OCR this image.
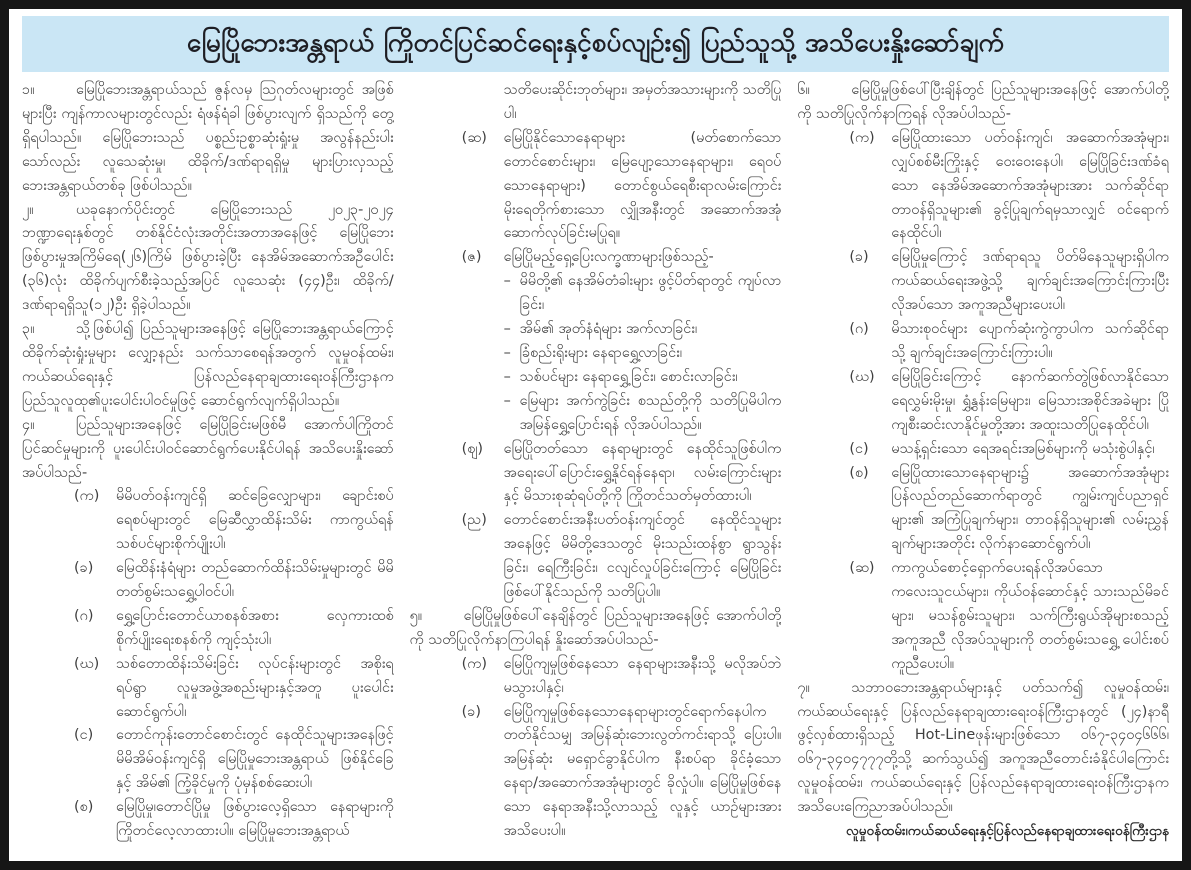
မြေပြိုဘေးအန္တရာယ် ကြိုတင်ပြင်ဆင်ရေးနှင့်စပ်လျဉ်း၍ ပြည်သူသို့ အသိပေးနှိုးဆော်ချက်
၁။	မြေပြိုဘေးအန္တရာယ်သည် ဇွန်လမှ သြဂုတ်လများတွင် အဖြစ်များပြီး ကျန်ကာလများတွင်လည်း ရံဖန်ရံခါ ဖြစ်ပွားလျက် ရှိသည်ကို တွေ့ရှိရပါသည်။ မြေပြိုဘေးသည် ပစ္စည်းဥစ္စာဆုံးရှုံးမှု အလွန်နည်းပါးသော်လည်း လူသေဆုံးမှု၊ ထိခိုက်/ဒဏ်ရာရရှိမှု များပြားလှသည့် ဘေးအန္တရာယ်တစ်ခု ဖြစ်ပါသည်။
၂။	ယခုနောက်ပိုင်းတွင် မြေပြိုဘေးသည် ၂၀၂၃-၂၀၂၄ ဘဏ္ဍာရေးနှစ်တွင် တစ်နိုင်ငံလုံးအတိုင်းအတာအနေဖြင့် မြေပြိုဘေးဖြစ်ပွားမှုအကြိမ်ရေ(၂၆)ကြိမ် ဖြစ်ပွားခဲ့ပြီး နေအိမ်အဆောက်အဦပေါင်း (၃၆)လုံး ထိခိုက်ပျက်စီးခဲ့သည့်အပြင် လူသေဆုံး (၄၄)ဦး၊ ထိခိုက်/ဒဏ်ရာရရှိသူ(၁၂)ဦး ရှိခဲ့ပါသည်။
၃။	သို့ဖြစ်ပါ၍ ပြည်သူများအနေဖြင့် မြေပြိုဘေးအန္တရာယ်ကြောင့် ထိခိုက်ဆုံးရှုံးမှုများ လျှော့နည်း သက်သာစေရန်အတွက် လူမှုဝန်ထမ်း၊ ကယ်ဆယ်ရေးနှင့် ပြန်လည်နေရာချထားရေးဝန်ကြီးဌာနက ပြည်သူလူထု၏ပူးပေါင်းပါဝင်မှုဖြင့် ဆောင်ရွက်လျက်ရှိပါသည်။
၄။	ပြည်သူများအနေဖြင့် မြေပြိုခြင်းမဖြစ်မီ အောက်ပါကြိုတင်ပြင်ဆင်မှုများကို ပူးပေါင်းပါဝင်ဆောင်ရွက်ပေးနိုင်ပါရန် အသိပေးနှိုးဆော်အပ်ပါသည်-
(က)	မိမိပတ်ဝန်းကျင်ရှိ ဆင်ခြေလျှောများ၊ ချောင်းစပ် ရေစပ်များတွင် မြေဆီလွှာထိန်းသိမ်း ကာကွယ်ရန် သစ်ပင်များစိုက်ပျိုးပါ၊
(ခ)	မြေထိန်းနံရံများ တည်ဆောက်ထိန်းသိမ်းမှုများတွင် မိမိတတ်စွမ်းသရွှေ့ပါဝင်ပါ၊
(ဂ)	ရွှေ့ပြောင်းတောင်ယာစနစ်အစား လှေကားထစ် စိုက်ပျိုးရေးစနစ်ကို ကျင့်သုံးပါ၊
(ဃ)	သစ်တောထိန်းသိမ်းခြင်း လုပ်ငန်းများတွင် အစိုးရ ရပ်ရွာ လူမှုအဖွဲ့အစည်းများနှင့်အတူ ပူးပေါင်း ဆောင်ရွက်ပါ၊
(င)	တောင်ကုန်းတောင်စောင်းတွင် နေထိုင်သူများအနေဖြင့် မိမိအိမ်ဝန်းကျင်ရှိ မြေပြိုမှုဘေးအန္တရာယ် ဖြစ်နိုင်ခြေနှင့် အိမ်၏ ကြံ့ခိုင်မှုကို ပုံမှန်စစ်ဆေးပါ၊
(စ)	မြေပြိုမှု၊တောင်ပြိုမှု ဖြစ်ပွားလေ့ရှိသော နေရာများကို ကြိုတင်လေ့လာထားပါ။ မြေပြိုမှုဘေးအန္တရာယ်
သတိပေးဆိုင်းဘုတ်များ၊ အမှတ်အသားများကို သတိပြုပါ၊
(ဆ)	မြေပြိုနိုင်သောနေရာများ (မတ်စောက်သော တောင်စောင်းများ၊ မြေပျော့သောနေရာများ၊ ရေဝပ်သောနေရာများ) တောင်စွယ်ရေစီးရာလမ်းကြောင်း မိုးရေတိုက်စားသော လျှိုအနီးတွင် အဆောက်အအုံ ဆောက်လုပ်ခြင်းမပြုရ။
(ဇ)	မြေပြိုမည့်ရှေ့ပြေးလက္ခဏာများဖြစ်သည့်-
– မိမိတို့၏ နေအိမ်တံခါးများ ဖွင့်ပိတ်ရာတွင် ကျပ်လာခြင်း၊
– အိမ်၏ အုတ်နံရံများ အက်လာခြင်း၊
– ခြံစည်းရိုးများ နေရာရွှေ့လာခြင်း၊
– သစ်ပင်များ နေရာရွှေ့ခြင်း၊ စောင်းလာခြင်း၊
– မြေများ အက်ကွဲခြင်း စသည်တို့ကို သတိပြုမိပါက အမြန်ရွှေ့ပြောင်းရန် လိုအပ်ပါသည်။
(ဈ)	မြေပြိုတတ်သော နေရာများတွင် နေထိုင်သူဖြစ်ပါက အရေးပေါ်ပြောင်းရွှေ့နိုင်ရန်နေရာ၊ လမ်းကြောင်းများနှင့် မိသားစုဆုံရပ်တို့ကို ကြိုတင်သတ်မှတ်ထားပါ၊
(ည)	တောင်စောင်းအနီးပတ်ဝန်းကျင်တွင် နေထိုင်သူများအနေဖြင့် မိမိတို့ဒေသတွင် မိုးသည်းထန်စွာ ရွာသွန်းခြင်း၊ ရေကြီးခြင်း၊ ငလျင်လှုပ်ခြင်းကြောင့် မြေပြိုခြင်းဖြစ်ပေါ်နိုင်သည်ကို သတိပြုပါ။
၅။	မြေပြိုမှုဖြစ်ပေါ်နေချိန်တွင် ပြည်သူများအနေဖြင့် အောက်ပါတို့ကို သတိပြုလိုက်နာကြပါရန် နှိုးဆော်အပ်ပါသည်-
(က)	မြေပြိုကျမှုဖြစ်နေသော နေရာများအနီးသို့ မလိုအပ်ဘဲ မသွားပါနှင့်၊
(ခ)	မြေပြိုကျမှုဖြစ်နေသောနေရာများတွင်ရောက်နေပါက တတ်နိုင်သမျှ အမြန်ဆုံးဘေးလွတ်ကင်းရာသို့ ပြေးပါ။ အမြန်ဆုံး မရှောင်ခွာနိုင်ပါက နီးစပ်ရာ ခိုင်ခံ့သော နေရာ/အဆောက်အအုံများတွင် ခိုလှုံပါ။ မြေပြိုမှုဖြစ်နေသော နေရာအနီးသို့လာသည့် လူနှင့် ယာဉ်များအား အသိပေးပါ။
၆။	မြေပြိုမှုဖြစ်ပေါ်ပြီးချိန်တွင် ပြည်သူများအနေဖြင့် အောက်ပါတို့ကို သတိပြုလိုက်နာကြရန် လိုအပ်ပါသည်-
(က)	မြေပြိုထားသော ပတ်ဝန်းကျင်၊ အဆောက်အအုံများ၊ လျှပ်စစ်မီးကြိုးနှင့် ဝေးဝေးနေပါ၊ မြေပြိုခြင်းဒဏ်ခံရသော နေအိမ်အဆောက်အအုံများအား သက်ဆိုင်ရာ တာဝန်ရှိသူများ၏ ခွင့်ပြုချက်ရမှသာလျှင် ဝင်ရောက်နေထိုင်ပါ၊
(ခ)	မြေပြိုမှုကြောင့် ဒဏ်ရာရသူ ပိတ်မိနေသူများရှိပါက ကယ်ဆယ်ရေးအဖွဲ့သို့ ချက်ချင်းအကြောင်းကြားပြီး လိုအပ်သော အကူအညီများပေးပါ၊
(ဂ)	မိသားစုဝင်များ ပျောက်ဆုံးကွဲကွာပါက သက်ဆိုင်ရာသို့ ချက်ချင်းအကြောင်းကြားပါ။
(ဃ)	မြေပြိုခြင်းကြောင့် နောက်ဆက်တွဲဖြစ်လာနိုင်သော ရေလွှမ်းမိုးမှု၊ ရွှံ့နွန်းမြေများ၊ မြေသားအစိုင်အခဲများ ပြိုကျစီးဆင်းလာနိုင်မှုတို့အား အထူးသတိပြုနေထိုင်ပါ၊
(င)	မသန့်ရှင်းသော ရေအရင်းအမြစ်များကို မသုံးစွဲပါနှင့်၊
(စ)	မြေပြိုထားသောနေရာများ၌ အဆောက်အအုံများ ပြန်လည်တည်ဆောက်ရာတွင် ကျွမ်းကျင်ပညာရှင်များ၏ အကြံပြုချက်များ၊ တာဝန်ရှိသူများ၏ လမ်းညွှန်ချက်များအတိုင်း လိုက်နာဆောင်ရွက်ပါ၊
(ဆ)	ကာကွယ်စောင့်ရှောက်ပေးရန်လိုအပ်သော ကလေးသူငယ်များ၊ ကိုယ်ဝန်ဆောင်နှင့် သားသည်မိခင်များ၊ မသန်စွမ်းသူများ၊ သက်ကြီးရွယ်အိုများစသည့် အကူအညီ လိုအပ်သူများကို တတ်စွမ်းသရွှေ့ ပေါင်းစပ်ကူညီပေးပါ။
၇။	သဘာဝဘေးအန္တရာယ်များနှင့် ပတ်သက်၍ လူမှုဝန်ထမ်း၊ ကယ်ဆယ်ရေးနှင့် ပြန်လည်နေရာချထားရေးဝန်ကြီးဌာနတွင် (၂၄)နာရီဖွင့်လှစ်ထားရှိသည့် Hot-Lineဖုန်းများဖြစ်သော ၀၆၇-၃၄၀၄၆၆၆၊ ၀၆၇-၃၄၀၄၇၇၇တို့သို့ ဆက်သွယ်၍ အကူအညီတောင်းခံနိုင်ပါကြောင်း လူမှုဝန်ထမ်း၊ ကယ်ဆယ်ရေးနှင့် ပြန်လည်နေရာချထားရေးဝန်ကြီးဌာနက အသိပေးကြေညာအပ်ပါသည်။
လူမှုဝန်ထမ်း၊ကယ်ဆယ်ရေးနှင့်ပြန်လည်နေရာချထားရေးဝန်ကြီးဌာန
